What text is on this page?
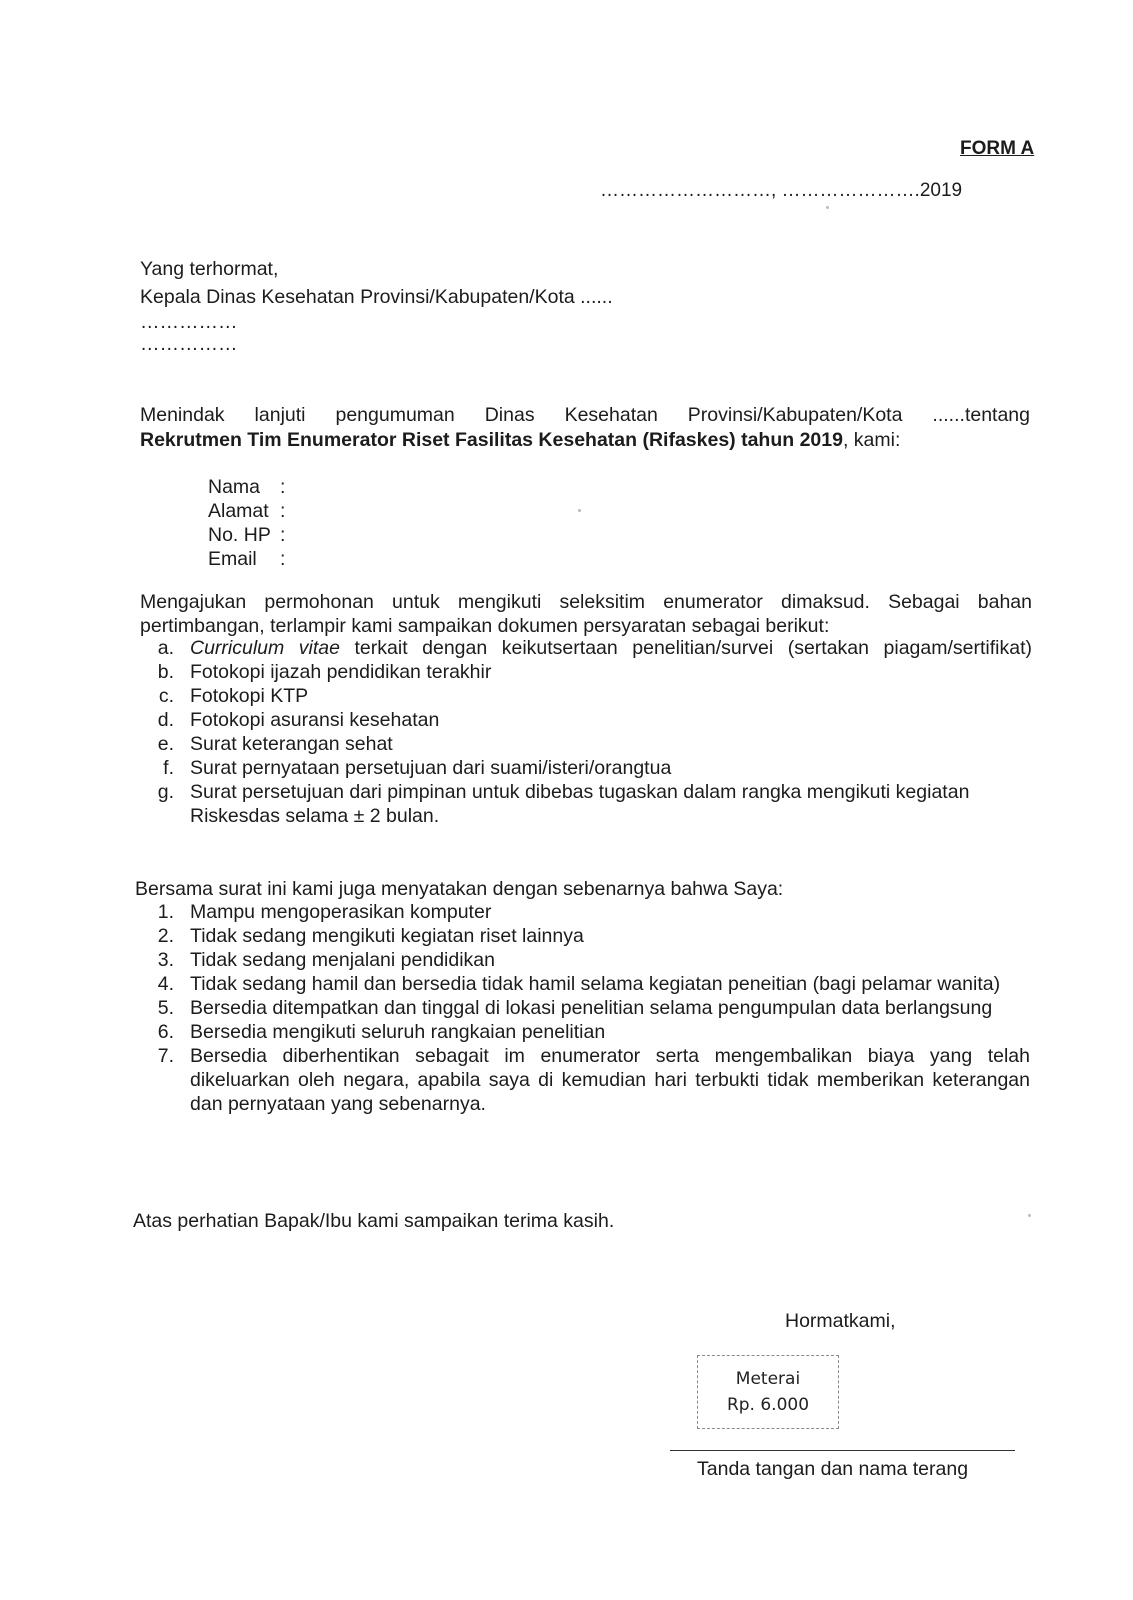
FORM A
………………………, ………………….2019
Yang terhormat,
Kepala Dinas Kesehatan Provinsi/Kabupaten/Kota ......
……………
……………
Menindak lanjuti pengumuman Dinas Kesehatan Provinsi/Kabupaten/Kota ......tentang
Rekrutmen Tim Enumerator Riset Fasilitas Kesehatan (Rifaskes) tahun 2019, kami:
Nama	:
Alamat :
No. HP :
Email	:
Mengajukan permohonan untuk mengikuti seleksitim enumerator dimaksud. Sebagai bahan
pertimbangan, terlampir kami sampaikan dokumen persyaratan sebagai berikut:
a. Curriculum vitae terkait dengan keikutsertaan penelitian/survei (sertakan piagam/sertifikat)
b. Fotokopi ijazah pendidikan terakhir
c. Fotokopi KTP
d. Fotokopi asuransi kesehatan
e. Surat keterangan sehat
f. Surat pernyataan persetujuan dari suami/isteri/orangtua
g. Surat persetujuan dari pimpinan untuk dibebas tugaskan dalam rangka mengikuti kegiatan Riskesdas selama ± 2 bulan.
Bersama surat ini kami juga menyatakan dengan sebenarnya bahwa Saya:
1. Mampu mengoperasikan komputer
2. Tidak sedang mengikuti kegiatan riset lainnya
3. Tidak sedang menjalani pendidikan
4. Tidak sedang hamil dan bersedia tidak hamil selama kegiatan peneitian (bagi pelamar wanita)
5. Bersedia ditempatkan dan tinggal di lokasi penelitian selama pengumpulan data berlangsung
6. Bersedia mengikuti seluruh rangkaian penelitian
7. Bersedia diberhentikan sebagait im enumerator serta mengembalikan biaya yang telah dikeluarkan oleh negara, apabila saya di kemudian hari terbukti tidak memberikan keterangan dan pernyataan yang sebenarnya.
Atas perhatian Bapak/Ibu kami sampaikan terima kasih.
Hormatkami,
Meterai
Rp. 6.000
Tanda tangan dan nama terang
